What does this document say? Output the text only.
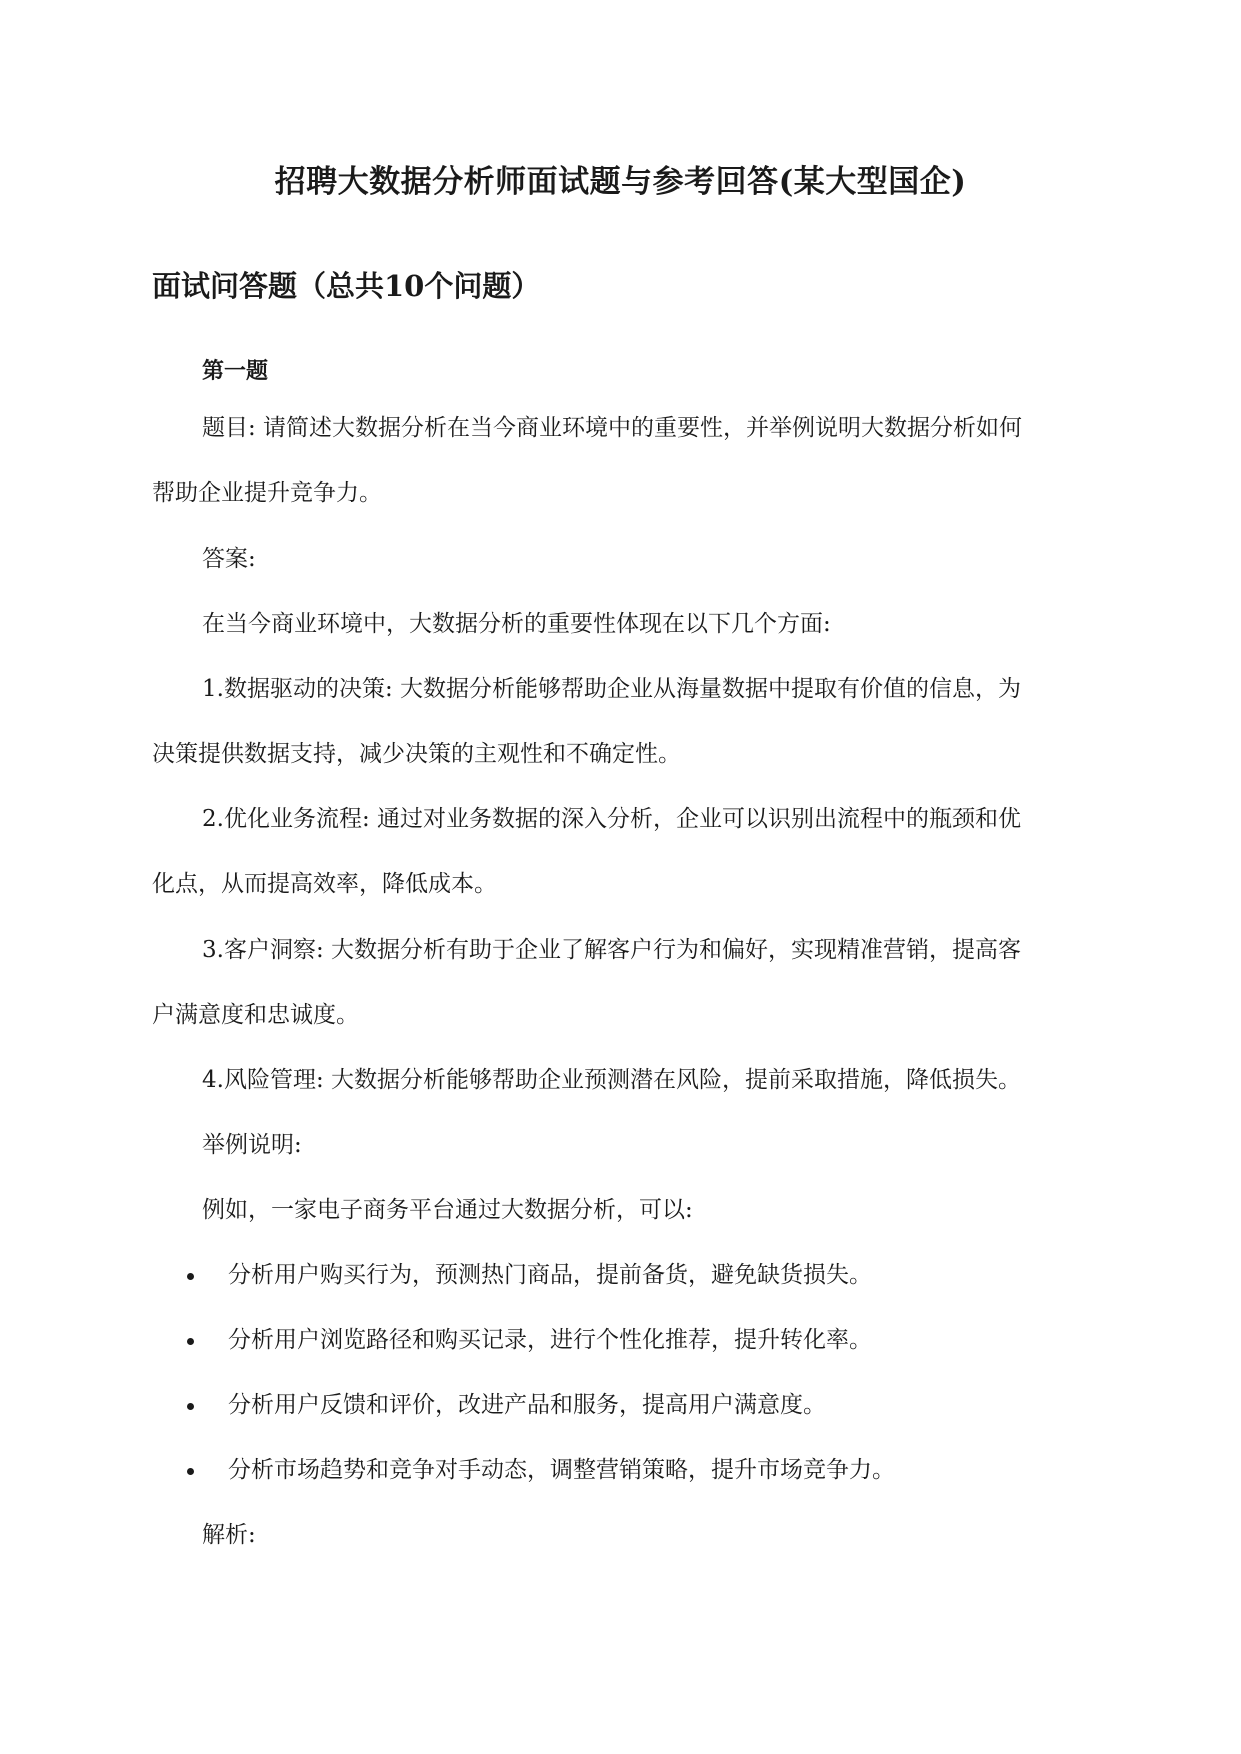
招聘大数据分析师面试题与参考回答(某大型国企)
面试问答题（总共10个问题）
第一题
题目: 请简述大数据分析在当今商业环境中的重要性，并举例说明大数据分析如何
帮助企业提升竞争力。
答案:
在当今商业环境中，大数据分析的重要性体现在以下几个方面:
1.数据驱动的决策: 大数据分析能够帮助企业从海量数据中提取有价值的信息，为
决策提供数据支持，减少决策的主观性和不确定性。
2.优化业务流程: 通过对业务数据的深入分析，企业可以识别出流程中的瓶颈和优
化点，从而提高效率，降低成本。
3.客户洞察: 大数据分析有助于企业了解客户行为和偏好，实现精准营销，提高客
户满意度和忠诚度。
4.风险管理: 大数据分析能够帮助企业预测潜在风险，提前采取措施，降低损失。
举例说明:
例如，一家电子商务平台通过大数据分析，可以:
分析用户购买行为，预测热门商品，提前备货，避免缺货损失。
分析用户浏览路径和购买记录，进行个性化推荐，提升转化率。
分析用户反馈和评价，改进产品和服务，提高用户满意度。
分析市场趋势和竞争对手动态，调整营销策略，提升市场竞争力。
解析:
